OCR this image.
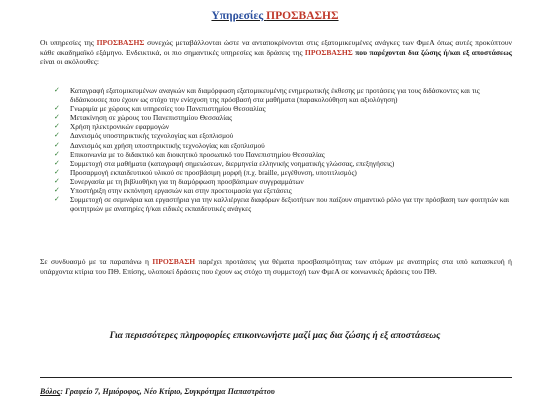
Υπηρεσίες ΠΡΟΣΒΑΣΗΣ
Οι υπηρεσίες της ΠΡΟΣΒΑΣΗΣ συνεχώς μεταβάλλονται ώστε να ανταποκρίνονται στις εξατομικευμένες ανάγκες των ΦμεΑ όπως αυτές προκύπτουν κάθε ακαδημαϊκό εξάμηνο. Ενδεικτικά, οι πιο σημαντικές υπηρεσίες και δράσεις της ΠΡΟΣΒΑΣΗΣ που παρέχονται δια ζώσης ή/και εξ αποστάσεως είναι οι ακόλουθες:
✓ Καταγραφή εξατομικευμένων αναγκών και διαμόρφωση εξατομικευμένης ενημερωτικής έκθεσης με προτάσεις για τους διδάσκοντες και τις διδάσκουσες που έχουν ως στόχο την ενίσχυση της πρόσβασή στα μαθήματα (παρακολούθηση και αξιολόγηση)
✓ Γνωριμία με χώρους και υπηρεσίες του Πανεπιστημίου Θεσσαλίας
✓ Μετακίνηση σε χώρους του Πανεπιστημίου Θεσσαλίας
✓ Χρήση ηλεκτρονικών εφαρμογών
✓ Δανεισμός υποστηρικτικής τεχνολογίας και εξοπλισμού
✓ Δανεισμός και χρήση υποστηρικτικής τεχνολογίας και εξοπλισμού
✓ Επικοινωνία με το διδακτικό και διοικητικό προσωπικό του Πανεπιστημίου Θεσσαλίας
✓ Συμμετοχή στα μαθήματα (καταγραφή σημειώσεων, διερμηνεία ελληνικής νοηματικής γλώσσας, επεξηγήσεις)
✓ Προσαρμογή εκπαιδευτικού υλικού σε προσβάσιμη μορφή (π.χ. braille, μεγέθυνση, υποτιτλισμός)
✓ Συνεργασία με τη βιβλιοθήκη για τη διαμόρφωση προσβάσιμων συγγραμμάτων
✓ Υποστήριξη στην εκπόνηση εργασιών και στην προετοιμασία για εξετάσεις
✓ Συμμετοχή σε σεμινάρια και εργαστήρια για την καλλιέργεια διαφόρων δεξιοτήτων που παίζουν σημαντικό ρόλο για την πρόσβαση των φοιτητών και φοιτητριών με αναπηρίες ή/και ειδικές εκπαιδευτικές ανάγκες
Σε συνδυασμό με τα παραπάνω η ΠΡΟΣΒΑΣΗ παρέχει προτάσεις για θέματα προσβασιμότητας των ατόμων με αναπηρίες στα υπό κατασκευή ή υπάρχοντα κτίρια του ΠΘ. Επίσης, υλοποιεί δράσεις που έχουν ως στόχο τη συμμετοχή των ΦμεΑ σε κοινωνικές δράσεις του ΠΘ.
Για περισσότερες πληροφορίες επικοινωνήστε μαζί μας δια ζώσης ή εξ αποστάσεως
Βόλος: Γραφείο 7, Ημιόροφος, Νέο Κτίριο, Συγκρότημα Παπαστράτου
